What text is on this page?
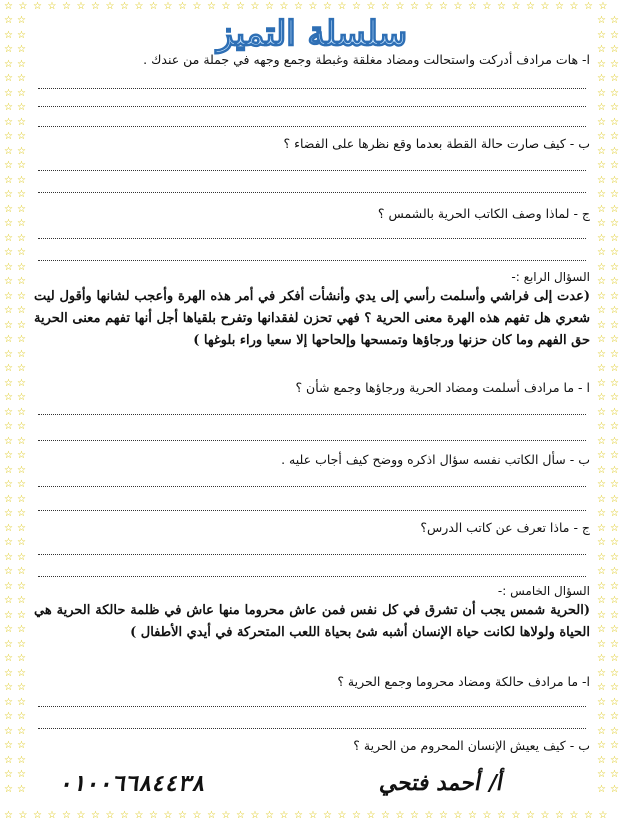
☆
☆
☆
☆
☆
☆
☆
☆
☆
☆
☆
☆
☆
☆
☆
☆
☆
☆
☆
☆
☆
☆
☆
☆
☆
☆
☆
☆
☆
☆
☆
☆
☆
☆
☆
☆
☆
☆
☆
☆
☆
☆
☆
☆
☆
☆
☆
☆
☆
☆
☆
☆
☆
☆
☆
☆
☆
☆
☆
☆
☆
☆
☆
☆
☆
☆
☆
☆
☆
☆
☆
☆
☆
☆
☆
☆
☆
☆
☆
☆
☆
☆
☆
☆
☆	☆
☆	☆
☆	☆
☆	☆
☆	☆
☆	☆
☆	☆
☆	☆
☆	☆
☆	☆
☆	☆
☆	☆
☆	☆
☆	☆
☆	☆
☆	☆
☆	☆
☆	☆
☆	☆
☆	☆
☆	☆
☆	☆
☆	☆
☆	☆
☆	☆
☆	☆
☆	☆
☆	☆
☆	☆
☆	☆
☆	☆
☆	☆
☆	☆
☆	☆
☆	☆
☆	☆
☆	☆
☆	☆
☆	☆
☆	☆
☆	☆
☆	☆
☆	☆
☆	☆
☆	☆
☆	☆
☆	☆
☆	☆
☆	☆
☆	☆
☆	☆
☆	☆
☆	☆
☆	☆
☆	☆
☆	☆
☆	☆
☆	☆
☆	☆
☆	☆
☆	☆
☆	☆
☆	☆
☆	☆
☆	☆
☆	☆
☆	☆
☆	☆
☆	☆
☆	☆
☆	☆
☆	☆
☆	☆
☆	☆
☆	☆
☆	☆
☆	☆
☆	☆
☆	☆
☆	☆
☆	☆
☆	☆
☆	☆
☆	☆
☆	☆
☆	☆
☆	☆
☆	☆
☆	☆
☆	☆
☆	☆
☆	☆
☆	☆
☆	☆
☆	☆
☆	☆
☆	☆
☆	☆
☆	☆
☆	☆
☆	☆
☆	☆
☆	☆
☆	☆
☆	☆
☆	☆
☆	☆
☆	☆
سلسلة التميز
ا- هات مرادف أدركت واستحالت ومضاد مغلقة وغبطة وجمع وجهه في جملة من عندك .
ب - كيف صارت حالة القطة بعدما وقع نظرها على الفضاء ؟
ج - لماذا وصف الكاتب الحرية بالشمس ؟
السؤال الرابع :-
(عدت إلى فراشي وأسلمت رأسي إلى يدي وأنشأت أفكر في أمر هذه الهرة وأعجب لشانها وأقول ليت شعري هل تفهم هذه الهرة معنى الحرية ؟ فهي تحزن لفقدانها وتفرح بلقياها أجل أنها تفهم معنى الحرية حق الفهم وما كان حزنها ورجاؤها وتمسحها وإلحاحها إلا سعيا وراء بلوغها )
ا - ما مرادف أسلمت ومضاد الحرية ورجاؤها وجمع شأن ؟
ب - سأل الكاتب نفسه سؤال اذكره ووضح كيف أجاب عليه .
ج - ماذا تعرف عن كاتب الدرس؟
السؤال الخامس :-
(الحرية شمس يجب أن تشرق في كل نفس فمن عاش محروما منها عاش في ظلمة حالكة الحرية هي الحياة ولولاها لكانت حياة الإنسان أشبه شئ بحياة اللعب المتحركة في أيدي الأطفال )
ا- ما مرادف حالكة ومضاد محروما وجمع الحرية ؟
ب - كيف يعيش الإنسان المحروم من الحرية ؟
٠١٠٠٦٦٨٤٤٣٨	أ/ أحمد فتحي
